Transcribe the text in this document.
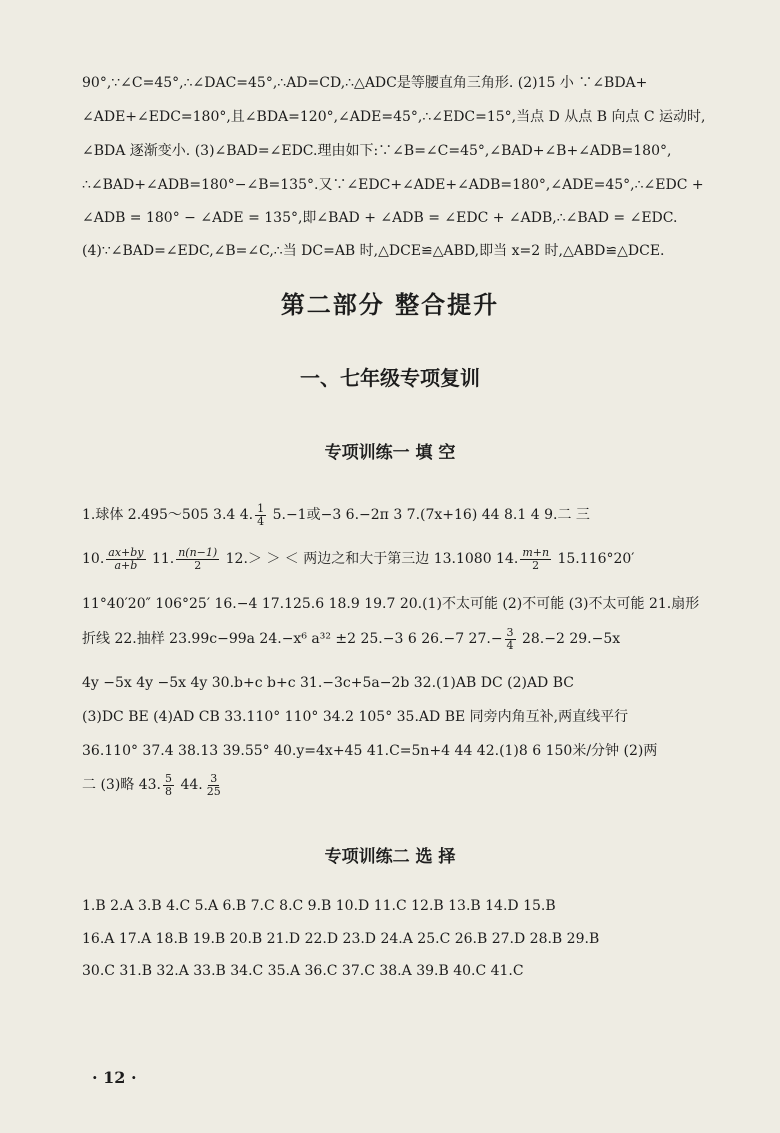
90°,∵∠C=45°,∴∠DAC=45°,∴AD=CD,∴△ADC是等腰直角三角形. (2)15 小 ∵∠BDA+
∠ADE+∠EDC=180°,且∠BDA=120°,∠ADE=45°,∴∠EDC=15°,当点 D 从点 B 向点 C 运动时,
∠BDA 逐渐变小. (3)∠BAD=∠EDC.理由如下:∵∠B=∠C=45°,∠BAD+∠B+∠ADB=180°,
∴∠BAD+∠ADB=180°−∠B=135°.又∵∠EDC+∠ADE+∠ADB=180°,∠ADE=45°,∴∠EDC +
∠ADB = 180° − ∠ADE = 135°,即∠BAD + ∠ADB = ∠EDC + ∠ADB,∴∠BAD = ∠EDC.
(4)∵∠BAD=∠EDC,∠B=∠C,∴当 DC=AB 时,△DCE≌△ABD,即当 x=2 时,△ABD≌△DCE.
第二部分 整合提升
一、七年级专项复训
专项训练一 填 空
1.球体 2.495～505 3.4 4. $\frac{1}{4} 5.-1$或−3 6.−2π 3 7.(7x+16) 44 8.1 4 9.二 三
10. $\frac{ax+by}{a+b} 11$. $\frac{n(n-1)}{2} 12.>$ ＞ ＜ 两边之和大于第三边 13.1080 14. $\frac{m+n}{2} 15.116^\circ 20'$
11°40′20″ 106°25′ 16.−4 17.125.6 18.9 19.7 20.(1)不太可能 (2)不可能 (3)不太可能 21.扇形
折线 22.抽样 23.99c−99a 24.−x⁶ a³² ±2 25.−3 6 26.−7 $27.- \frac{3}{4} 28.-2$ 29.−5x
4y −5x 4y −5x 4y 30.b+c b+c 31.−3c+5a−2b 32.(1)AB DC (2)AD BC
(3)DC BE (4)AD CB 33.110° 110° 34.2 105° 35.AD BE 同旁内角互补,两直线平行
36.110° 37.4 38.13 39.55° 40.y=4x+45 41.C=5n+4 44 42.(1)8 6 150米/分钟 (2)两
二 (3)略 43. $\frac{5}{8} 44$. $\frac{3}{25}$
专项训练二 选 择
1.B 2.A 3.B 4.C 5.A 6.B 7.C 8.C 9.B 10.D 11.C 12.B 13.B 14.D 15.B
16.A 17.A 18.B 19.B 20.B 21.D 22.D 23.D 24.A 25.C 26.B 27.D 28.B 29.B
30.C 31.B 32.A 33.B 34.C 35.A 36.C 37.C 38.A 39.B 40.C 41.C
· 12 ·
